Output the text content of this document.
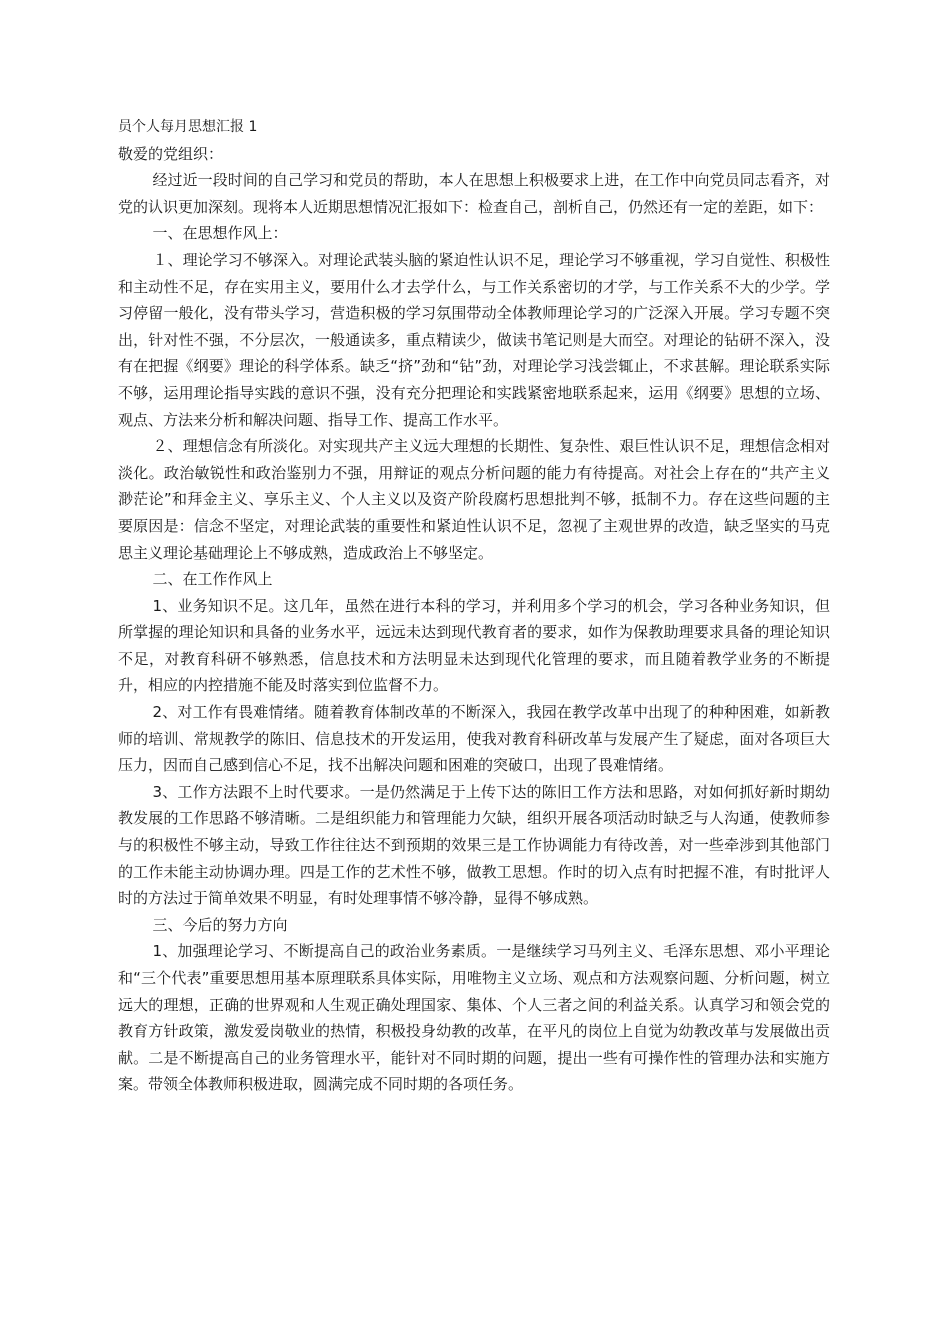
员个人每月思想汇报 1

敬爱的党组织：

经过近一段时间的自己学习和党员的帮助，本人在思想上积极要求上进，在工作中向党员同志看齐，对党的认识更加深刻。现将本人近期思想情况汇报如下：检查自己，剖析自己，仍然还有一定的差距，如下：

一、在思想作风上：

１、理论学习不够深入。对理论武装头脑的紧迫性认识不足，理论学习不够重视，学习自觉性、积极性和主动性不足，存在实用主义，要用什么才去学什么，与工作关系密切的才学，与工作关系不大的少学。学习停留一般化，没有带头学习，营造积极的学习氛围带动全体教师理论学习的广泛深入开展。学习专题不突出，针对性不强，不分层次，一般通读多，重点精读少，做读书笔记则是大而空。对理论的钻研不深入，没有在把握《纲要》理论的科学体系。缺乏“挤”劲和“钻”劲，对理论学习浅尝辄止，不求甚解。理论联系实际不够，运用理论指导实践的意识不强，没有充分把理论和实践紧密地联系起来，运用《纲要》思想的立场、观点、方法来分析和解决问题、指导工作、提高工作水平。

２、理想信念有所淡化。对实现共产主义远大理想的长期性、复杂性、艰巨性认识不足，理想信念相对淡化。政治敏锐性和政治鉴别力不强，用辩证的观点分析问题的能力有待提高。对社会上存在的“共产主义渺茫论”和拜金主义、享乐主义、个人主义以及资产阶段腐朽思想批判不够，抵制不力。存在这些问题的主要原因是：信念不坚定，对理论武装的重要性和紧迫性认识不足，忽视了主观世界的改造，缺乏坚实的马克思主义理论基础理论上不够成熟，造成政治上不够坚定。

二、在工作作风上

1、业务知识不足。这几年，虽然在进行本科的学习，并利用多个学习的机会，学习各种业务知识，但所掌握的理论知识和具备的业务水平，远远未达到现代教育者的要求，如作为保教助理要求具备的理论知识不足，对教育科研不够熟悉，信息技术和方法明显未达到现代化管理的要求，而且随着教学业务的不断提升，相应的内控措施不能及时落实到位监督不力。

2、对工作有畏难情绪。随着教育体制改革的不断深入，我园在教学改革中出现了的种种困难，如新教师的培训、常规教学的陈旧、信息技术的开发运用，使我对教育科研改革与发展产生了疑虑，面对各项巨大压力，因而自己感到信心不足，找不出解决问题和困难的突破口，出现了畏难情绪。

3、工作方法跟不上时代要求。一是仍然满足于上传下达的陈旧工作方法和思路，对如何抓好新时期幼教发展的工作思路不够清晰。二是组织能力和管理能力欠缺，组织开展各项活动时缺乏与人沟通，使教师参与的积极性不够主动，导致工作往往达不到预期的效果三是工作协调能力有待改善，对一些牵涉到其他部门的工作未能主动协调办理。四是工作的艺术性不够，做教工思想。作时的切入点有时把握不准，有时批评人时的方法过于简单效果不明显，有时处理事情不够冷静，显得不够成熟。

三、今后的努力方向

1、加强理论学习、不断提高自己的政治业务素质。一是继续学习马列主义、毛泽东思想、邓小平理论和“三个代表”重要思想用基本原理联系具体实际，用唯物主义立场、观点和方法观察问题、分析问题，树立远大的理想，正确的世界观和人生观正确处理国家、集体、个人三者之间的利益关系。认真学习和领会党的教育方针政策，激发爱岗敬业的热情，积极投身幼教的改革，在平凡的岗位上自觉为幼教改革与发展做出贡献。二是不断提高自己的业务管理水平，能针对不同时期的问题，提出一些有可操作性的管理办法和实施方案。带领全体教师积极进取，圆满完成不同时期的各项任务。
